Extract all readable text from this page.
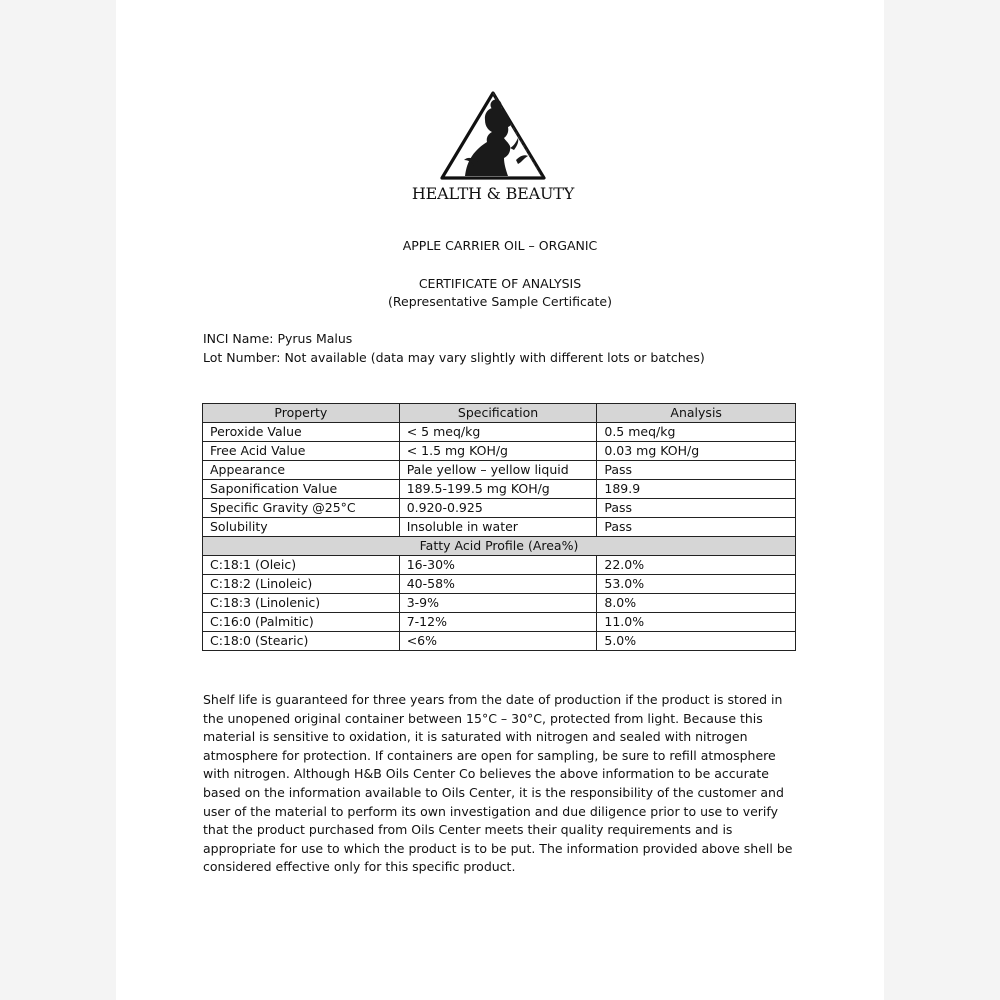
HEALTH & BEAUTY
APPLE CARRIER OIL – ORGANIC
CERTIFICATE OF ANALYSIS
(Representative Sample Certificate)
INCI Name: Pyrus Malus
Lot Number: Not available (data may vary slightly with different lots or batches)
Property	Specification	Analysis
Peroxide Value	< 5 meq/kg	0.5 meq/kg
Free Acid Value	< 1.5 mg KOH/g	0.03 mg KOH/g
Appearance	Pale yellow – yellow liquid	Pass
Saponification Value	189.5-199.5 mg KOH/g	189.9
Specific Gravity @25°C	0.920-0.925	Pass
Solubility	Insoluble in water	Pass
Fatty Acid Profile (Area%)		
C:18:1 (Oleic)	16-30%	22.0%
C:18:2 (Linoleic)	40-58%	53.0%
C:18:3 (Linolenic)	3-9%	8.0%
C:16:0 (Palmitic)	7-12%	11.0%
C:18:0 (Stearic)	<6%	5.0%

Shelf life is guaranteed for three years from the date of production if the product is stored in the unopened original container between 15°C – 30°C, protected from light. Because this material is sensitive to oxidation, it is saturated with nitrogen and sealed with nitrogen atmosphere for protection. If containers are open for sampling, be sure to refill atmosphere with nitrogen. Although H&B Oils Center Co believes the above information to be accurate based on the information available to Oils Center, it is the responsibility of the customer and user of the material to perform its own investigation and due diligence prior to use to verify that the product purchased from Oils Center meets their quality requirements and is appropriate for use to which the product is to be put. The information provided above shell be considered effective only for this specific product.
